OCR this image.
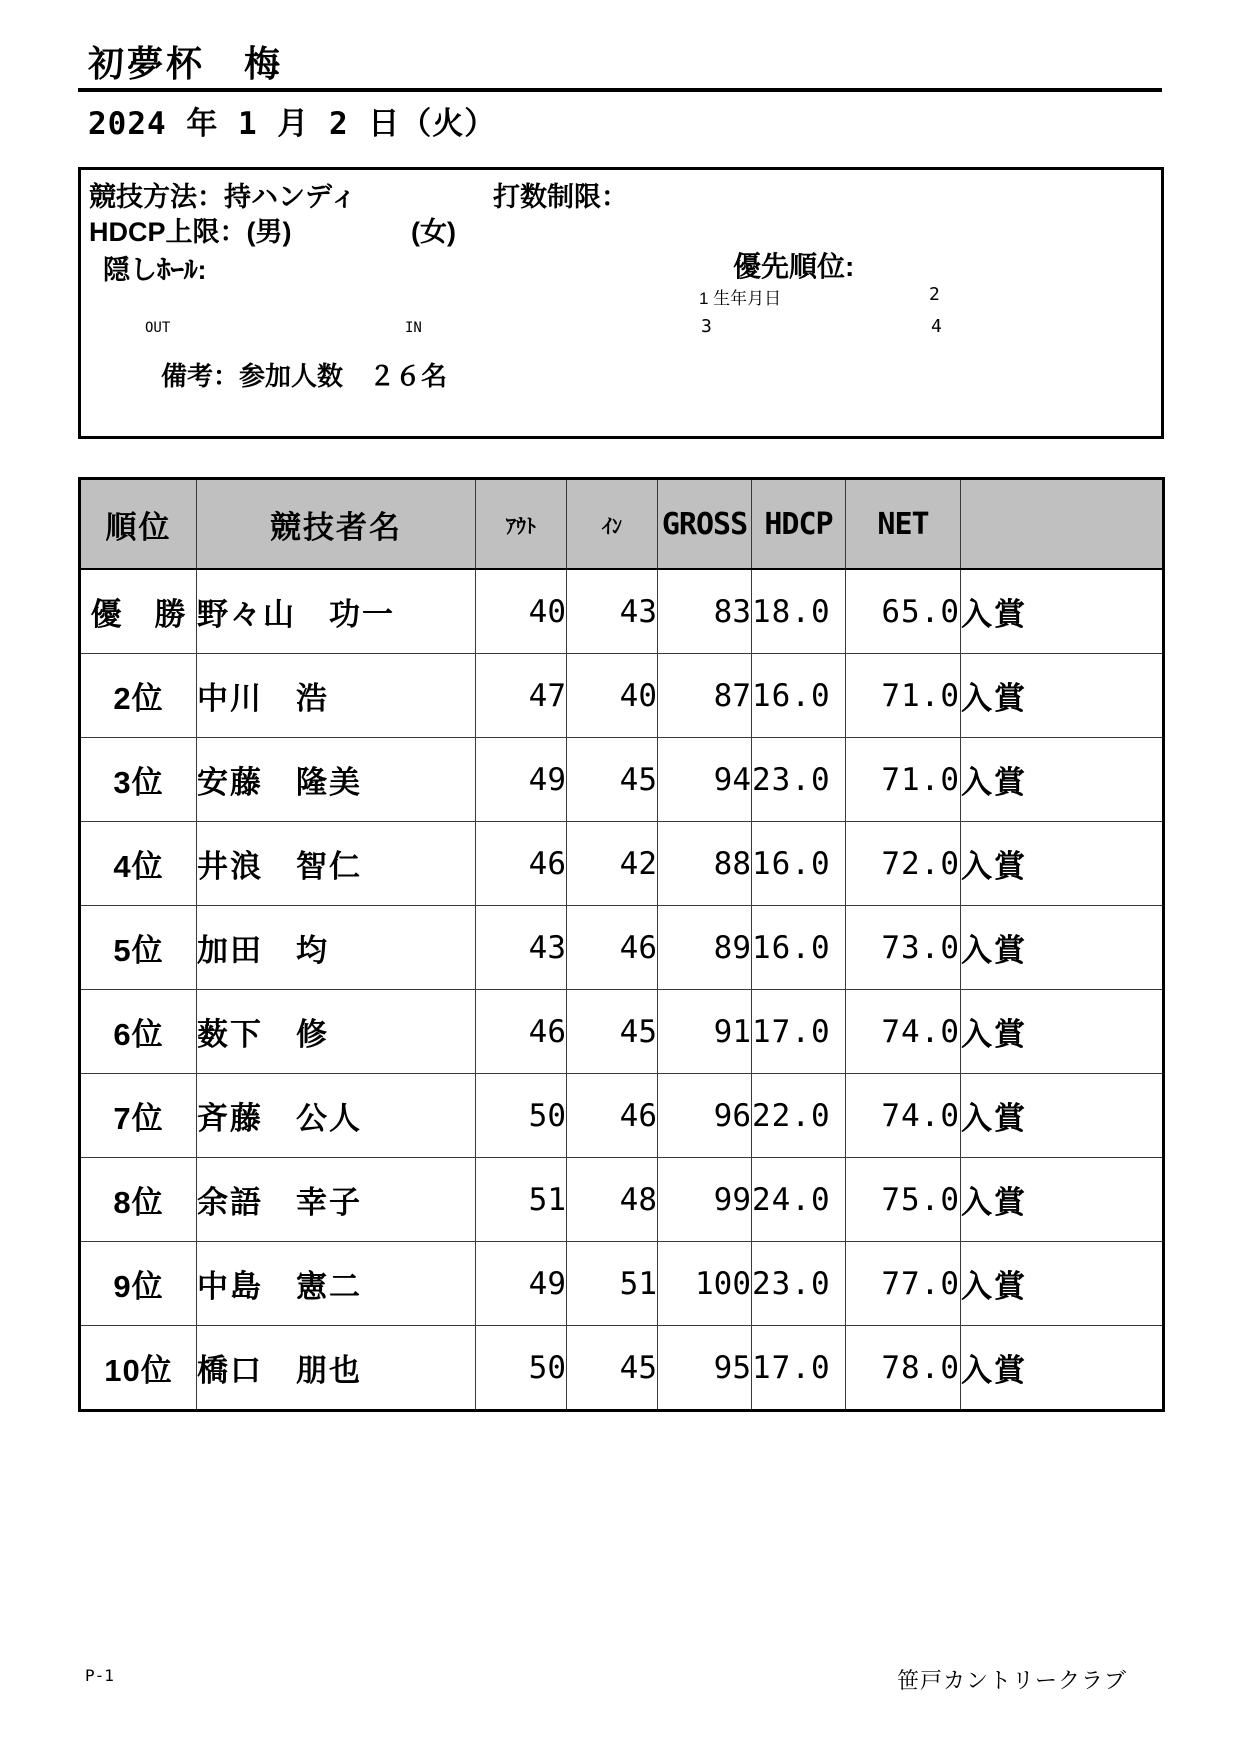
初夢杯　梅
2024 年 1 月 2 日（火）
競技方法：持ハンディ	打数制限：
HDCP上限：(男)	(女)
隠しﾎｰﾙ:	優先順位:
1 生年月日	2
OUT	IN	3	4
備考：参加人数　２６名
順位	競技者名	ｱｳﾄ	ｲﾝ	GROSS	HDCP	NET	
優　勝	野々山　功一	40	43	83	18.0	65.0	入賞
2位	中川　浩	47	40	87	16.0	71.0	入賞
3位	安藤　隆美	49	45	94	23.0	71.0	入賞
4位	井浪　智仁	46	42	88	16.0	72.0	入賞
5位	加田　均	43	46	89	16.0	73.0	入賞
6位	薮下　修	46	45	91	17.0	74.0	入賞
7位	斉藤　公人	50	46	96	22.0	74.0	入賞
8位	余語　幸子	51	48	99	24.0	75.0	入賞
9位	中島　憲二	49	51	100	23.0	77.0	入賞
10位	橋口　朋也	50	45	95	17.0	78.0	入賞
P-1	笹戸カントリークラブ
